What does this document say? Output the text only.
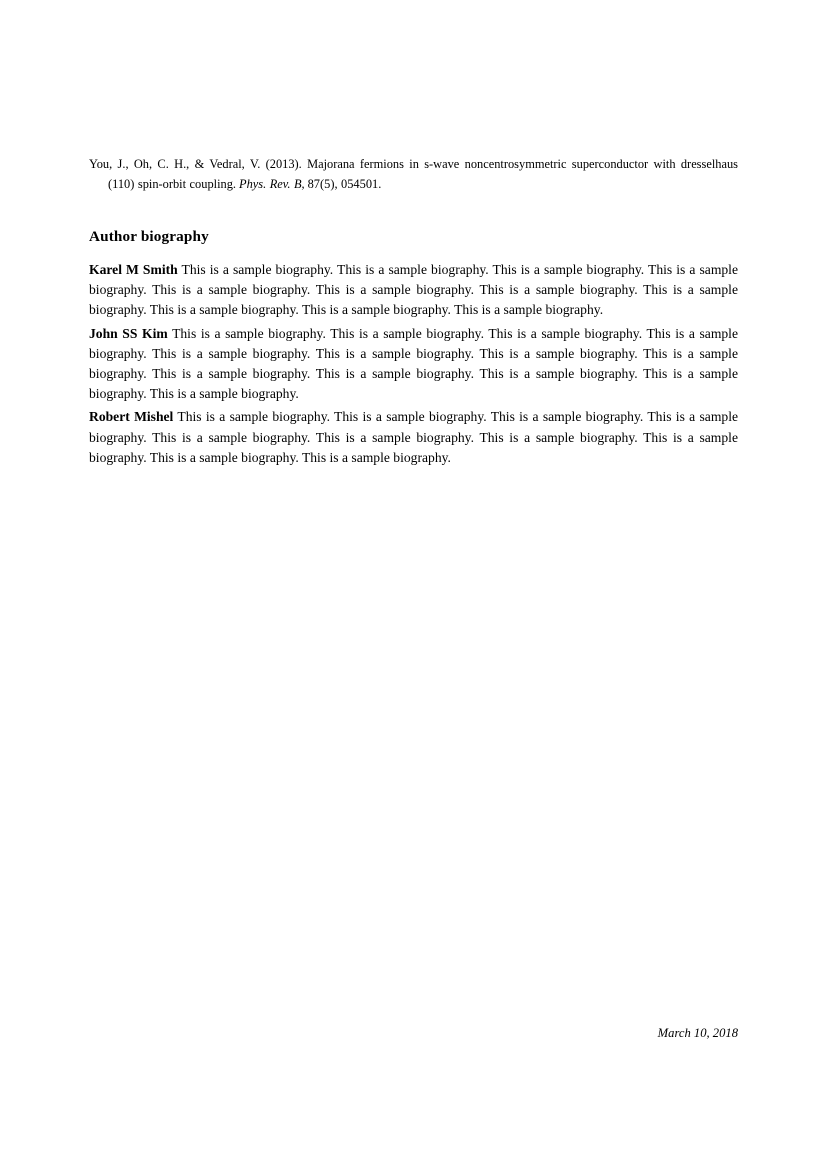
You, J., Oh, C. H., & Vedral, V. (2013). Majorana fermions in s-wave noncentrosymmetric superconductor with dresselhaus (110) spin-orbit coupling. Phys. Rev. B, 87(5), 054501.

Author biography

Karel M Smith This is a sample biography. This is a sample biography. This is a sample biography. This is a sample biography. This is a sample biography. This is a sample biography. This is a sample biography. This is a sample biography. This is a sample biography. This is a sample biography. This is a sample biography.

John SS Kim This is a sample biography. This is a sample biography. This is a sample biography. This is a sample biography. This is a sample biography. This is a sample biography. This is a sample biography. This is a sample biography. This is a sample biography. This is a sample biography. This is a sample biography. This is a sample biography. This is a sample biography.

Robert Mishel This is a sample biography. This is a sample biography. This is a sample biography. This is a sample biography. This is a sample biography. This is a sample biography. This is a sample biography. This is a sample biography. This is a sample biography. This is a sample biography.

March 10, 2018
